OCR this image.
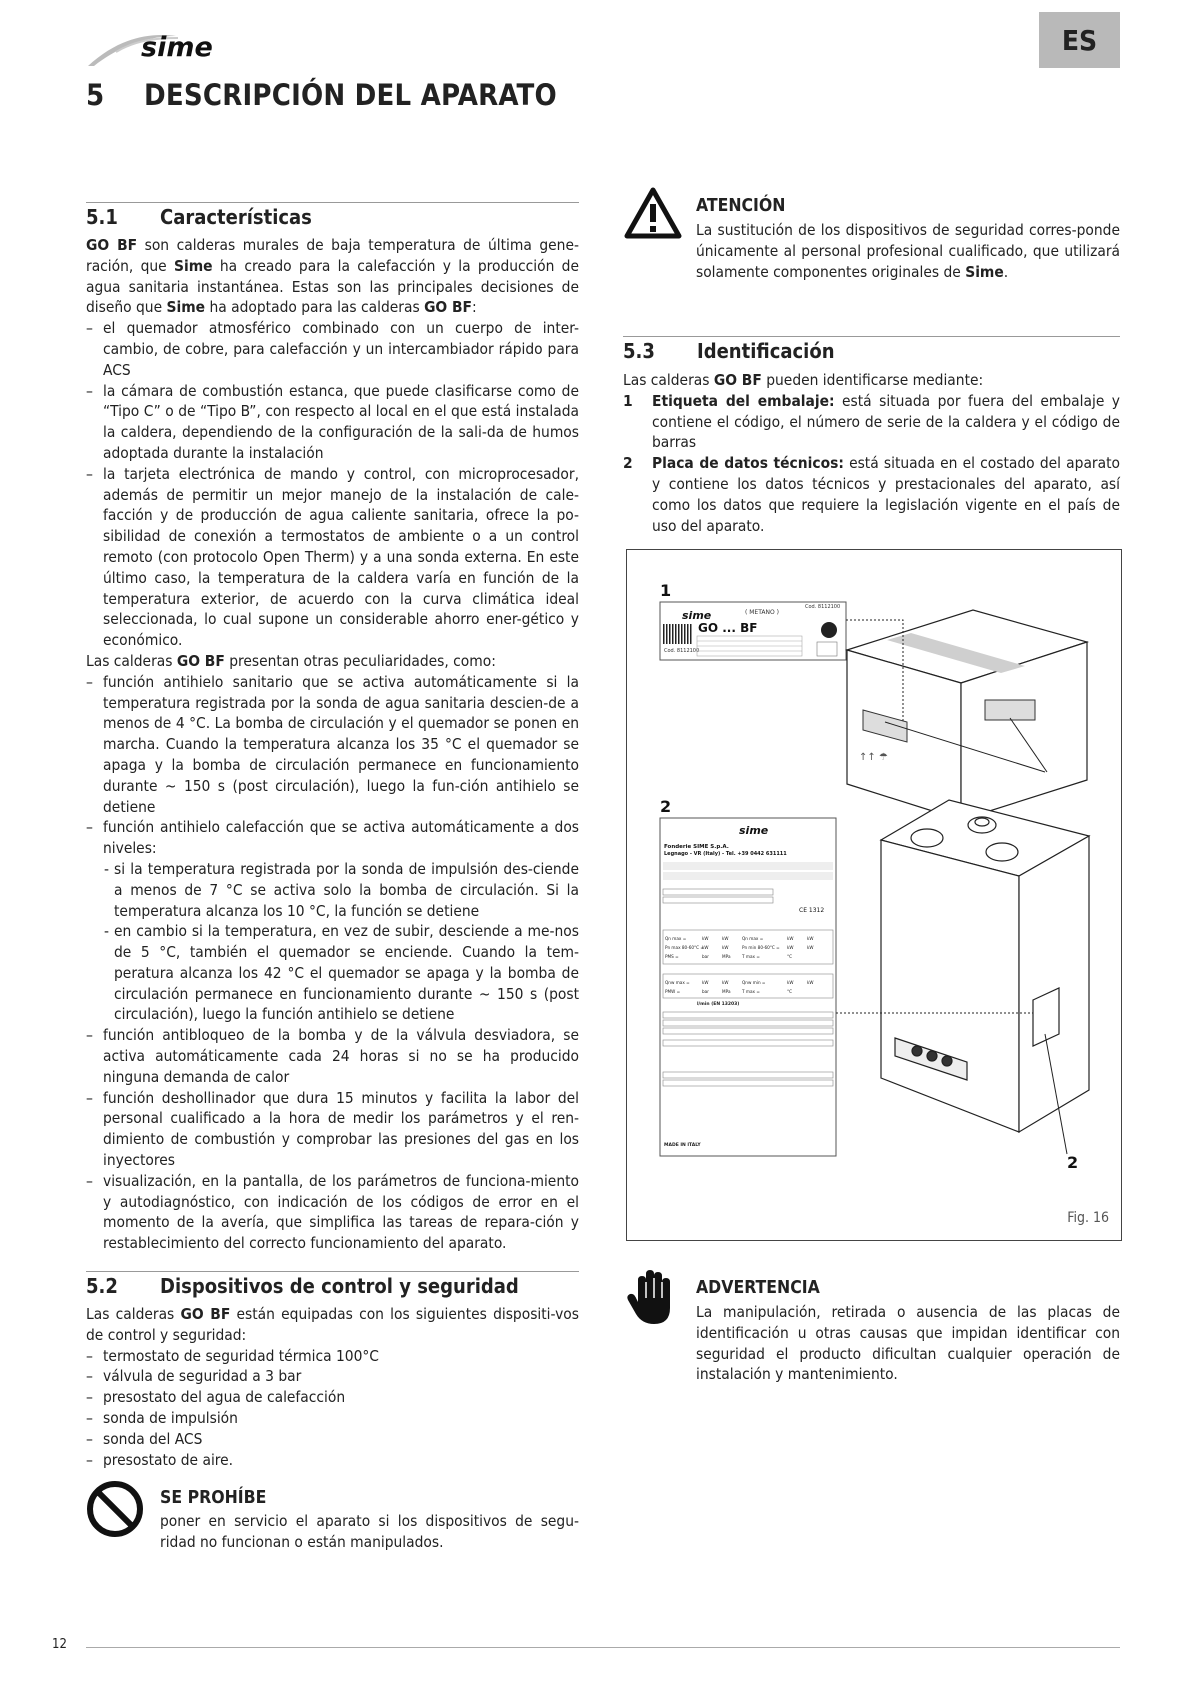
sime	ES
5 DESCRIPCIÓN DEL APARATO
5.1 Características

GO BF son calderas murales de baja temperatura de última gene-ración, que Sime ha creado para la calefacción y la producción de agua sanitaria instantánea. Estas son las principales decisiones de diseño que Sime ha adoptado para las calderas GO BF:

– el quemador atmosférico combinado con un cuerpo de inter-cambio, de cobre, para calefacción y un intercambiador rápido para ACS
– la cámara de combustión estanca, que puede clasificarse como de “Tipo C” o de “Tipo B”, con respecto al local en el que está instalada la caldera, dependiendo de la configuración de la sali-da de humos adoptada durante la instalación
– la tarjeta electrónica de mando y control, con microprocesador, además de permitir un mejor manejo de la instalación de cale-facción y de producción de agua caliente sanitaria, ofrece la po-sibilidad de conexión a termostatos de ambiente o a un control remoto (con protocolo Open Therm) y a una sonda externa. En este último caso, la temperatura de la caldera varía en función de la temperatura exterior, de acuerdo con la curva climática ideal seleccionada, lo cual supone un considerable ahorro ener-gético y económico.

Las calderas GO BF presentan otras peculiaridades, como:

– función antihielo sanitario que se activa automáticamente si la temperatura registrada por la sonda de agua sanitaria descien-de a menos de 4 °C. La bomba de circulación y el quemador se ponen en marcha. Cuando la temperatura alcanza los 35 °C el quemador se apaga y la bomba de circulación permanece en funcionamiento durante ~ 150 s (post circulación), luego la fun-ción antihielo se detiene
– función antihielo calefacción que se activa automáticamente a dos niveles:
- si la temperatura registrada por la sonda de impulsión des-ciende a menos de 7 °C se activa solo la bomba de circulación. Si la temperatura alcanza los 10 °C, la función se detiene
- en cambio si la temperatura, en vez de subir, desciende a me-nos de 5 °C, también el quemador se enciende. Cuando la tem-peratura alcanza los 42 °C el quemador se apaga y la bomba de circulación permanece en funcionamiento durante ~ 150 s (post circulación), luego la función antihielo se detiene
– función antibloqueo de la bomba y de la válvula desviadora, se activa automáticamente cada 24 horas si no se ha producido ninguna demanda de calor
– función deshollinador que dura 15 minutos y facilita la labor del personal cualificado a la hora de medir los parámetros y el ren-dimiento de combustión y comprobar las presiones del gas en los inyectores
– visualización, en la pantalla, de los parámetros de funciona-miento y autodiagnóstico, con indicación de los códigos de error en el momento de la avería, que simplifica las tareas de repara-ción y restablecimiento del correcto funcionamiento del aparato.
5.2 Dispositivos de control y seguridad

Las calderas GO BF están equipadas con los siguientes dispositi-vos de control y seguridad:

– termostato de seguridad térmica 100°C
– válvula de seguridad a 3 bar
– presostato del agua de calefacción
– sonda de impulsión
– sonda del ACS
– presostato de aire.
SE PROHÍBE
poner en servicio el aparato si los dispositivos de segu-ridad no funcionan o están manipulados.
ATENCIÓN
La sustitución de los dispositivos de seguridad corres-ponde únicamente al personal profesional cualificado, que utilizará solamente componentes originales de Sime.
5.3 Identificación

Las calderas GO BF pueden identificarse mediante:

1 Etiqueta del embalaje: está situada por fuera del embalaje y contiene el código, el número de serie de la caldera y el código de barras
2 Placa de datos técnicos: está situada en el costado del aparato y contiene los datos técnicos y prestacionales del aparato, así como los datos que requiere la legislación vigente en el país de uso del aparato.
1
2
2
sime
GO ... BF
( METANO )
Cod. 8112100
Cod. 8112100
↑↑ ☂
sime
Fonderie SIME S.p.A.
Legnago - VR (Italy) - Tel. +39 0442 631111
CE 1312
Qn max =	kW	kW	Qn max =	kW	kW
Pn max 80-60°C =
kW	kW	Pn min 80-60°C = kW	kW
PMS =	bar	MPa	T max =	°C
Qnw max =	kW	kW	Qnw min =	kW	kW
PMW =	bar	MPa	T max =	°C
l/min (EN 13203)
MADE IN ITALY
Fig. 16
ADVERTENCIA
La manipulación, retirada o ausencia de las placas de identificación u otras causas que impidan identificar con seguridad el producto dificultan cualquier operación de instalación y mantenimiento.
12
